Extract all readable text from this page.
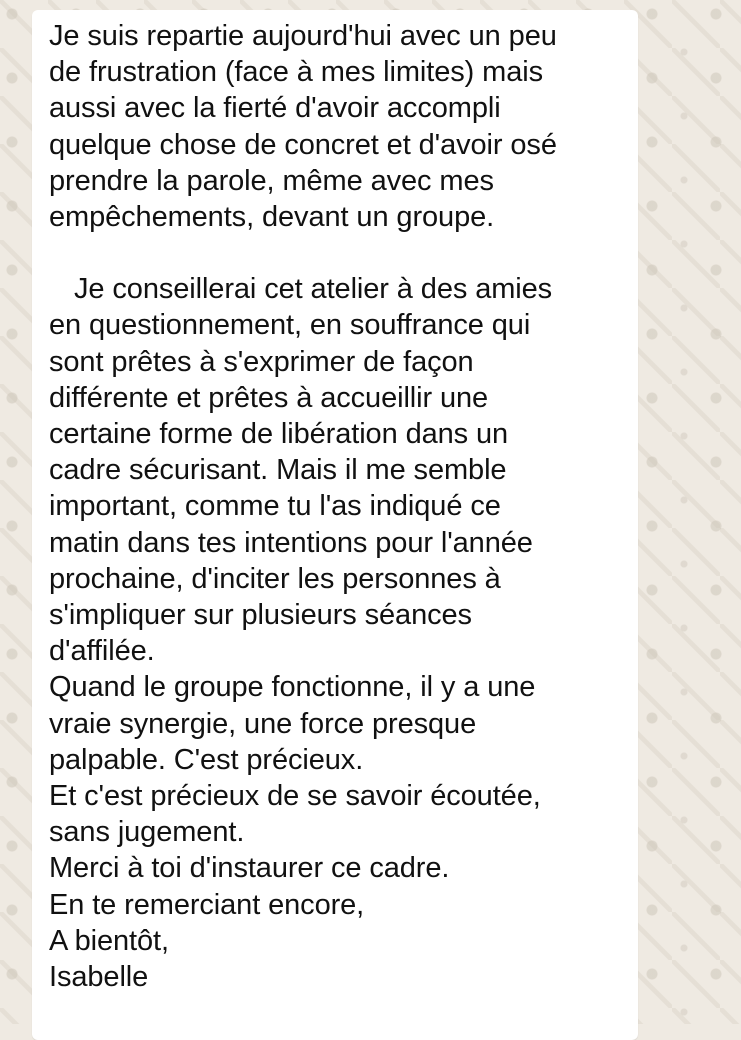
Je suis repartie aujourd'hui avec un peu
de frustration (face à mes limites) mais
aussi avec la fierté d'avoir accompli
quelque chose de concret et d'avoir osé
prendre la parole, même avec mes
empêchements, devant un groupe.

Je conseillerai cet atelier à des amies
en questionnement, en souffrance qui
sont prêtes à s'exprimer de façon
différente et prêtes à accueillir une
certaine forme de libération dans un
cadre sécurisant. Mais il me semble
important, comme tu l'as indiqué ce
matin dans tes intentions pour l'année
prochaine, d'inciter les personnes à
s'impliquer sur plusieurs séances
d'affilée.
Quand le groupe fonctionne, il y a une
vraie synergie, une force presque
palpable. C'est précieux.
Et c'est précieux de se savoir écoutée,
sans jugement.
Merci à toi d'instaurer ce cadre.
En te remerciant encore,
A bientôt,
Isabelle
